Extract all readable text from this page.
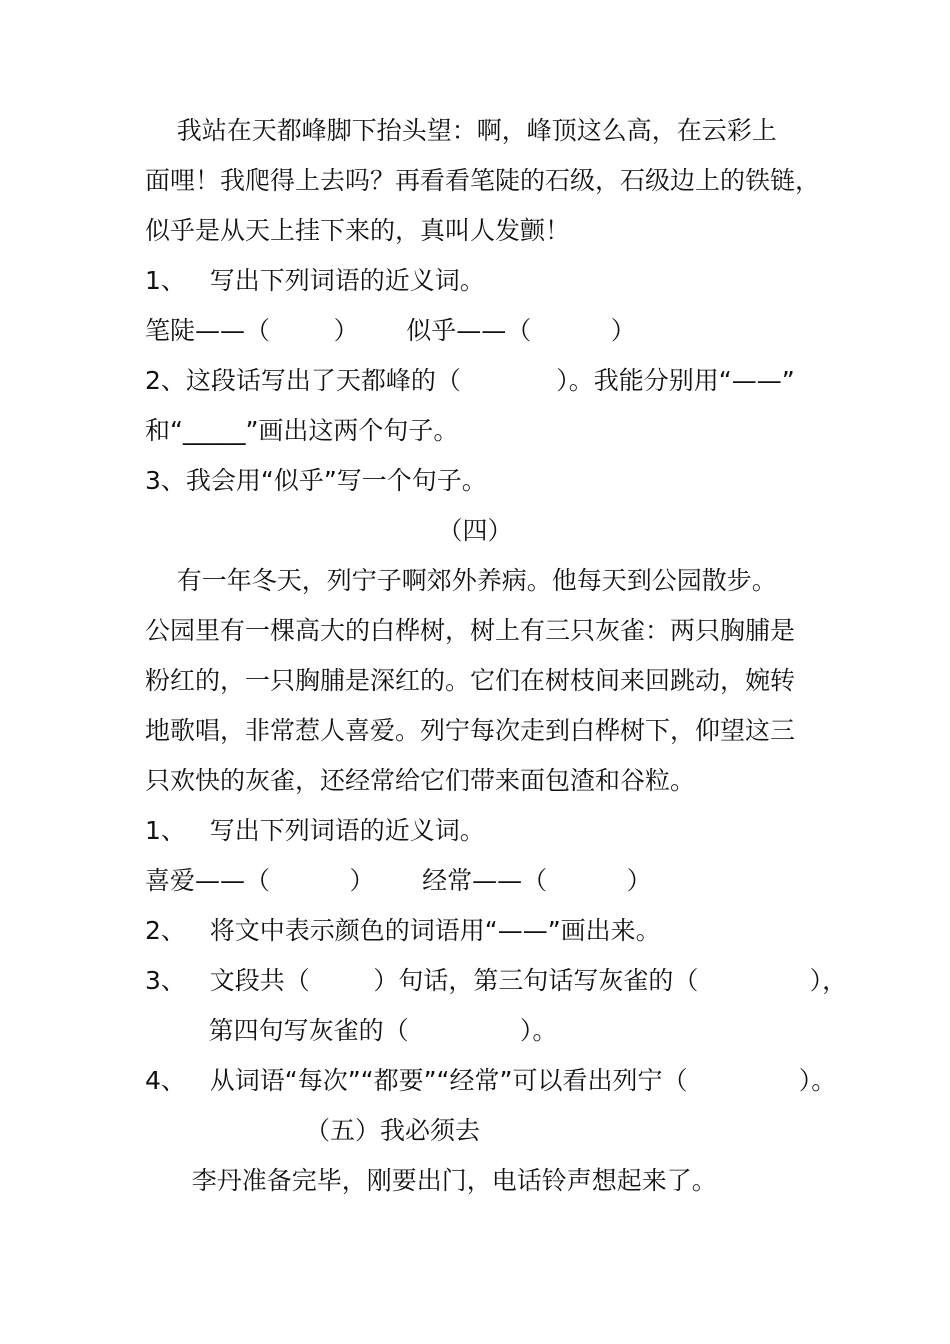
我站在天都峰脚下抬头望：啊，峰顶这么高，在云彩上
面哩！我爬得上去吗？再看看笔陡的石级，石级边上的铁链，
似乎是从天上挂下来的，真叫人发颤！
1、   写出下列词语的近义词。
笔陡——（        ）      似乎——（          ）
2、这段话写出了天都峰的（            ）。我能分别用“——”
和“_____”画出这两个句子。
3、我会用“似乎”写一个句子。
（四）
有一年冬天，列宁子啊郊外养病。他每天到公园散步。
公园里有一棵高大的白桦树，树上有三只灰雀：两只胸脯是
粉红的，一只胸脯是深红的。它们在树枝间来回跳动，婉转
地歌唱，非常惹人喜爱。列宁每次走到白桦树下，仰望这三
只欢快的灰雀，还经常给它们带来面包渣和谷粒。
1、   写出下列词语的近义词。
喜爱——（          ）      经常——（          ）
2、   将文中表示颜色的词语用“——”画出来。
3、   文段共（        ）句话，第三句话写灰雀的（              ），
第四句写灰雀的（              ）。
4、   从词语“每次”“都要”“经常”可以看出列宁（              ）。
（五）我必须去
李丹准备完毕，刚要出门，电话铃声想起来了。
